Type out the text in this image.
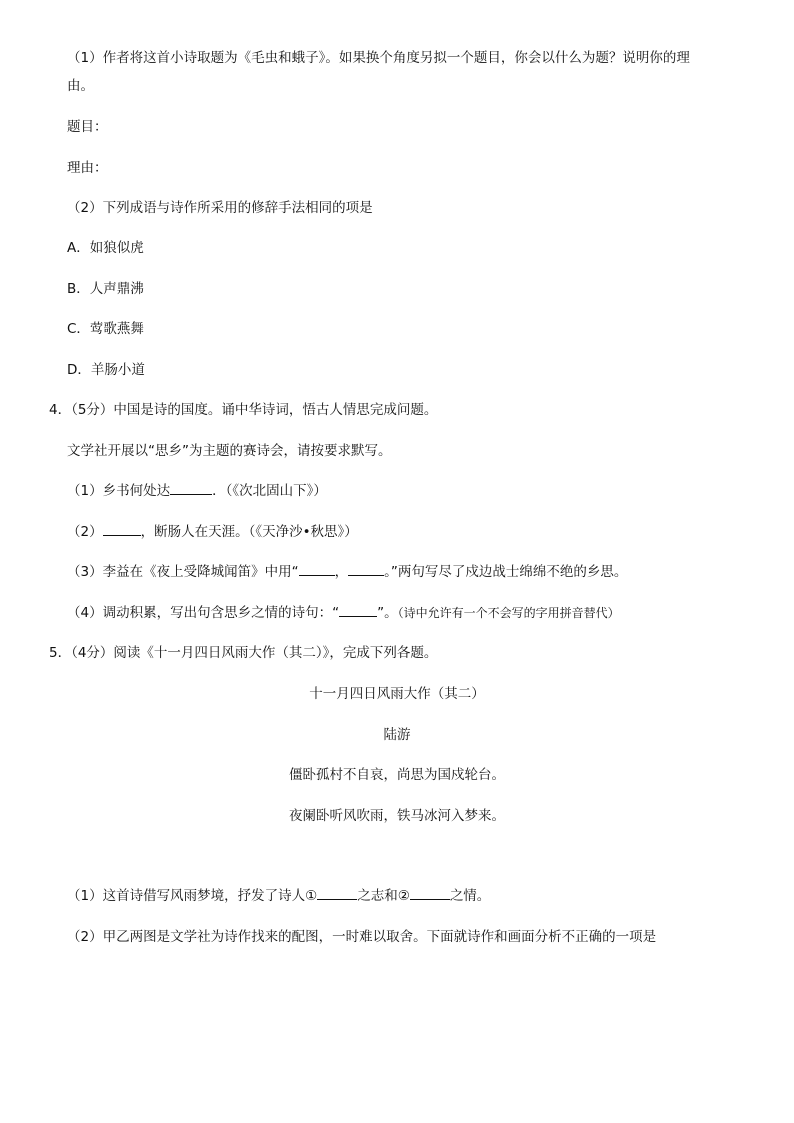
（1）作者将这首小诗取题为《毛虫和蛾子》。如果换个角度另拟一个题目，你会以什么为题？说明你的理
由。
题目：
理由：
（2）下列成语与诗作所采用的修辞手法相同的项是
A．如狼似虎
B．人声鼎沸
C．莺歌燕舞
D．羊肠小道
4．（5分）中国是诗的国度。诵中华诗词，悟古人情思完成问题。
文学社开展以“思乡”为主题的赛诗会，请按要求默写。
（1）乡书何处达	．（《次北固山下》）
（2）	，断肠人在天涯。（《天净沙•秋思》）
（3）李益在《夜上受降城闻笛》中用“	，	。”两句写尽了戍边战士绵绵不绝的乡思。
（4）调动积累，写出句含思乡之情的诗句：“	”。（诗中允许有一个不会写的字用拼音替代）
5．（4分）阅读《十一月四日风雨大作（其二）》，完成下列各题。
十一月四日风雨大作（其二）
陆游
僵卧孤村不自哀，尚思为国戍轮台。
夜阑卧听风吹雨，铁马冰河入梦来。
（1）这首诗借写风雨梦境，抒发了诗人①	之志和②	之情。
（2）甲乙两图是文学社为诗作找来的配图，一时难以取舍。下面就诗作和画面分析不正确的一项是
